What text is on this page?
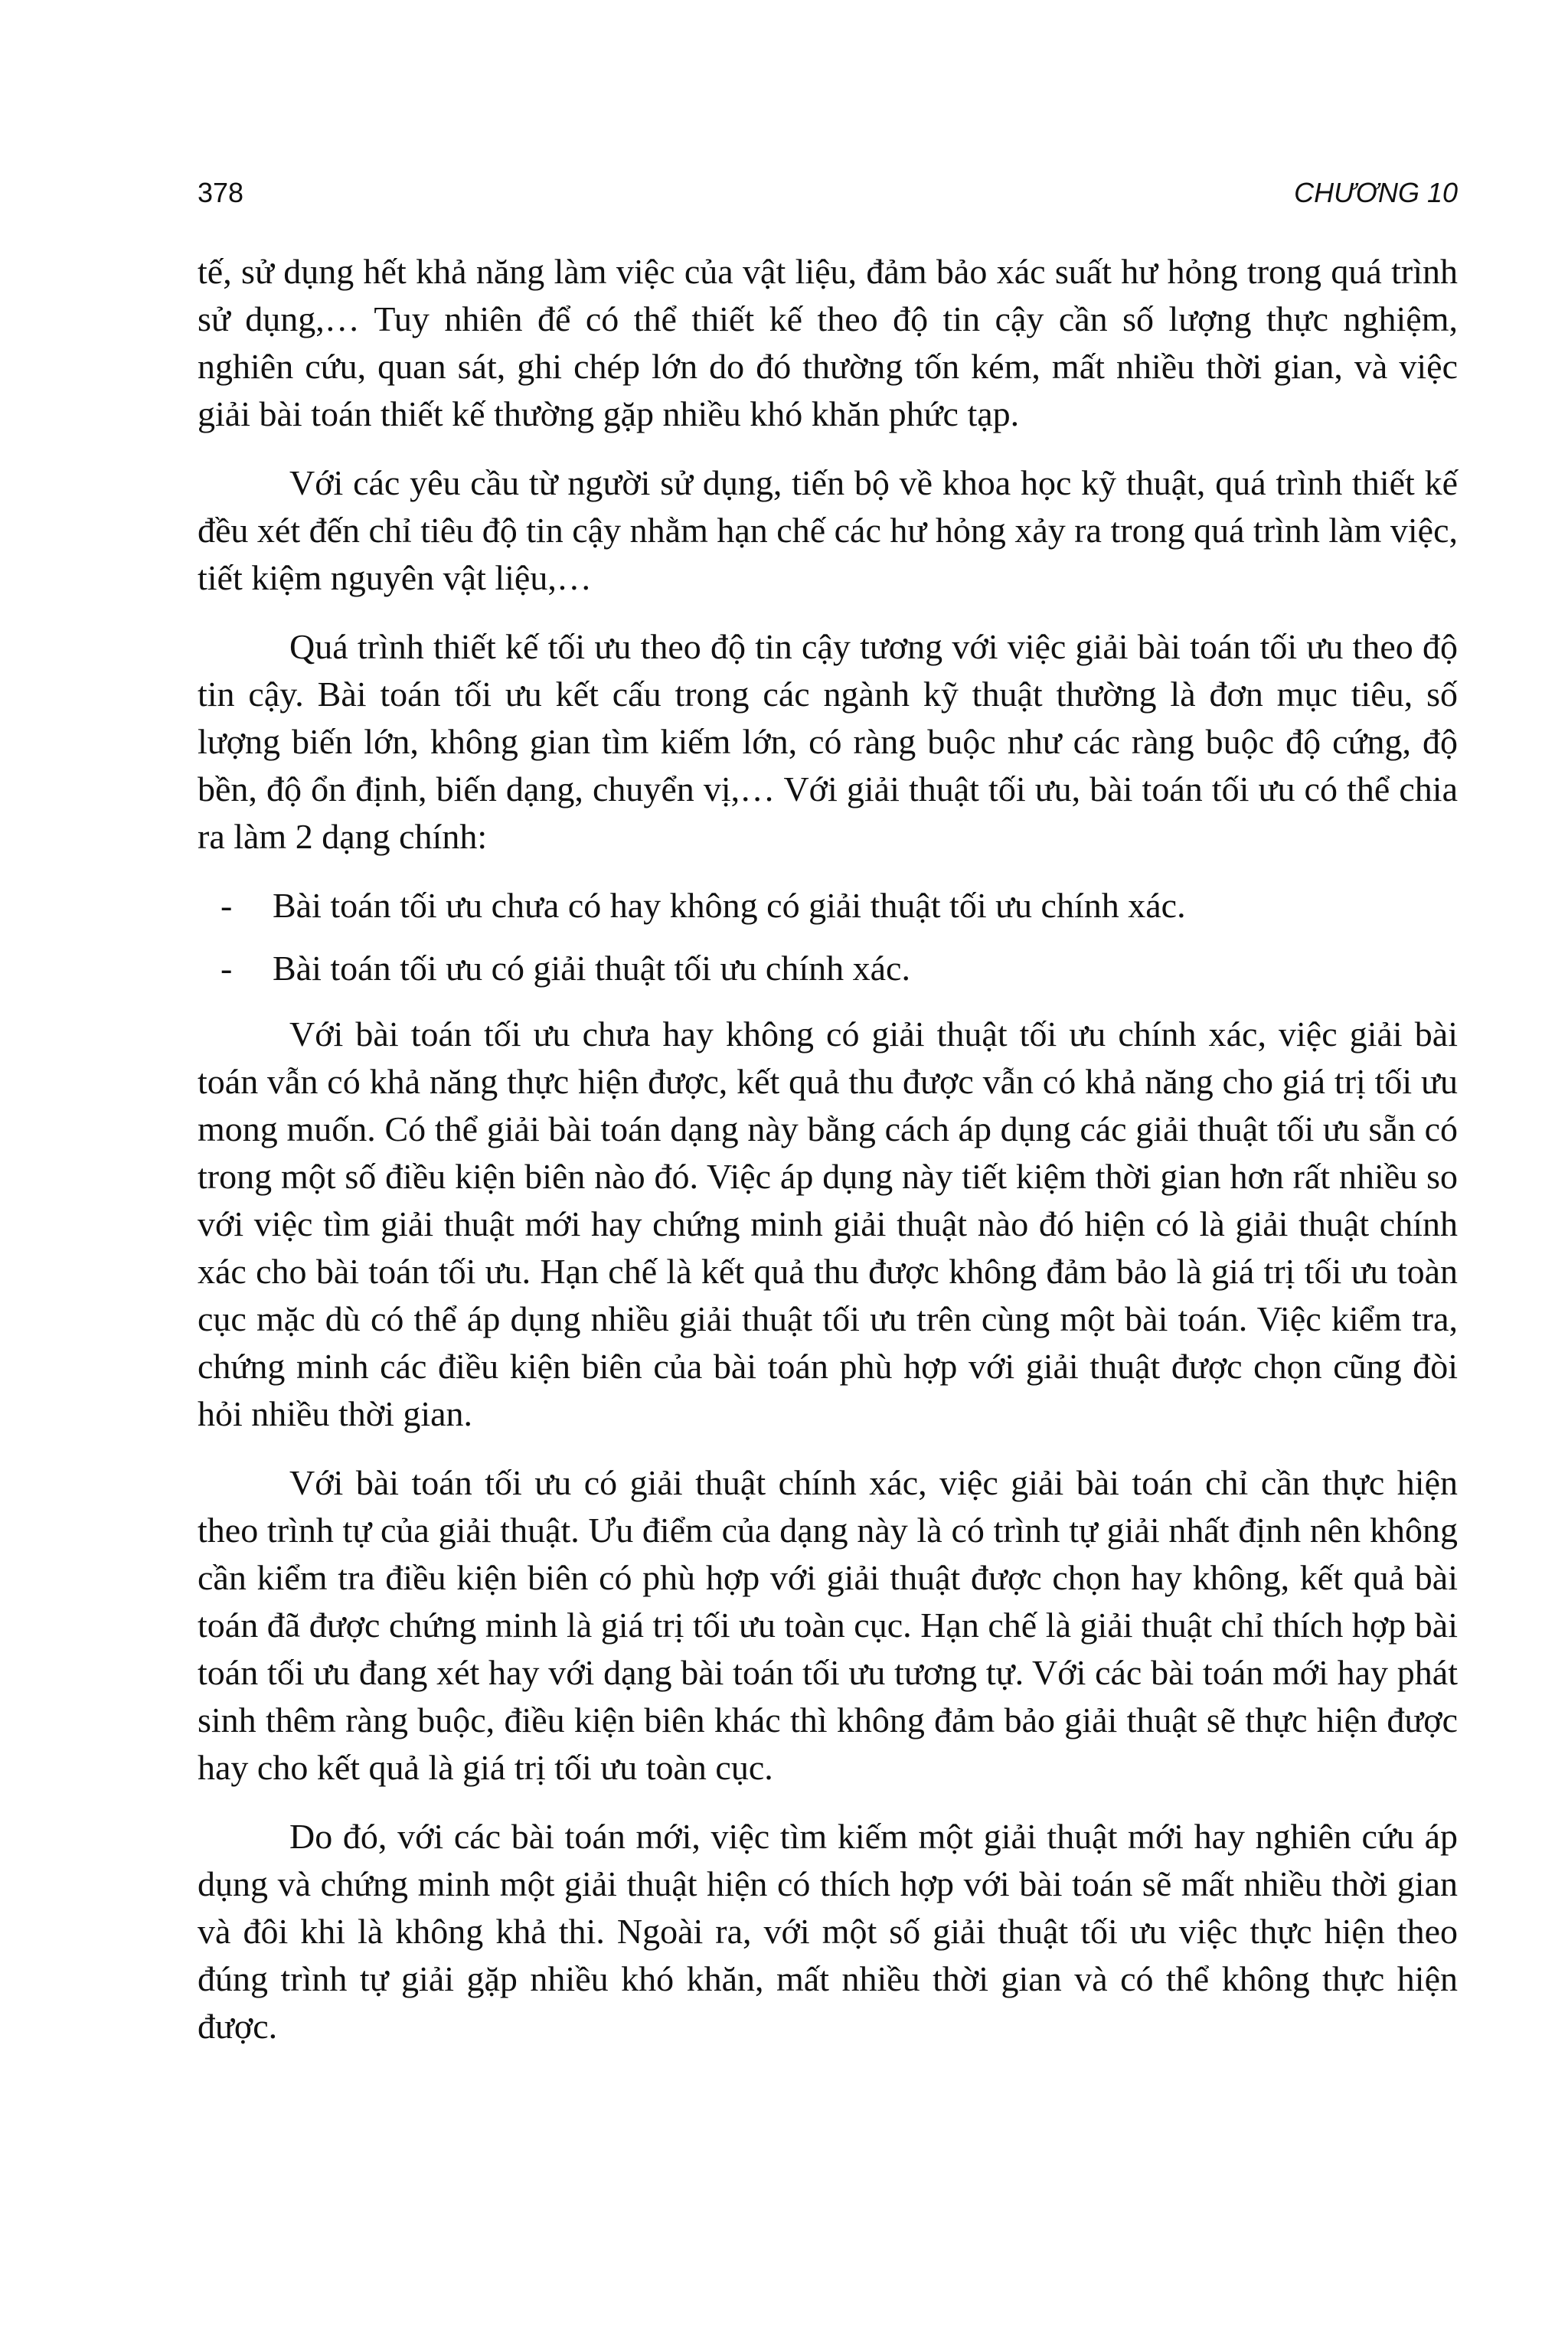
378	CHƯƠNG 10

tế, sử dụng hết khả năng làm việc của vật liệu, đảm bảo xác suất hư hỏng trong quá trình sử dụng,… Tuy nhiên để có thể thiết kế theo độ tin cậy cần số lượng thực nghiệm, nghiên cứu, quan sát, ghi chép lớn do đó thường tốn kém, mất nhiều thời gian, và việc giải bài toán thiết kế thường gặp nhiều khó khăn phức tạp.

Với các yêu cầu từ người sử dụng, tiến bộ về khoa học kỹ thuật, quá trình thiết kế đều xét đến chỉ tiêu độ tin cậy nhằm hạn chế các hư hỏng xảy ra trong quá trình làm việc, tiết kiệm nguyên vật liệu,…

Quá trình thiết kế tối ưu theo độ tin cậy tương với việc giải bài toán tối ưu theo độ tin cậy. Bài toán tối ưu kết cấu trong các ngành kỹ thuật thường là đơn mục tiêu, số lượng biến lớn, không gian tìm kiếm lớn, có ràng buộc như các ràng buộc độ cứng, độ bền, độ ổn định, biến dạng, chuyển vị,… Với giải thuật tối ưu, bài toán tối ưu có thể chia ra làm 2 dạng chính:

- Bài toán tối ưu chưa có hay không có giải thuật tối ưu chính xác.
- Bài toán tối ưu có giải thuật tối ưu chính xác.

Với bài toán tối ưu chưa hay không có giải thuật tối ưu chính xác, việc giải bài toán vẫn có khả năng thực hiện được, kết quả thu được vẫn có khả năng cho giá trị tối ưu mong muốn. Có thể giải bài toán dạng này bằng cách áp dụng các giải thuật tối ưu sẵn có trong một số điều kiện biên nào đó. Việc áp dụng này tiết kiệm thời gian hơn rất nhiều so với việc tìm giải thuật mới hay chứng minh giải thuật nào đó hiện có là giải thuật chính xác cho bài toán tối ưu. Hạn chế là kết quả thu được không đảm bảo là giá trị tối ưu toàn cục mặc dù có thể áp dụng nhiều giải thuật tối ưu trên cùng một bài toán. Việc kiểm tra, chứng minh các điều kiện biên của bài toán phù hợp với giải thuật được chọn cũng đòi hỏi nhiều thời gian.

Với bài toán tối ưu có giải thuật chính xác, việc giải bài toán chỉ cần thực hiện theo trình tự của giải thuật. Ưu điểm của dạng này là có trình tự giải nhất định nên không cần kiểm tra điều kiện biên có phù hợp với giải thuật được chọn hay không, kết quả bài toán đã được chứng minh là giá trị tối ưu toàn cục. Hạn chế là giải thuật chỉ thích hợp bài toán tối ưu đang xét hay với dạng bài toán tối ưu tương tự. Với các bài toán mới hay phát sinh thêm ràng buộc, điều kiện biên khác thì không đảm bảo giải thuật sẽ thực hiện được hay cho kết quả là giá trị tối ưu toàn cục.

Do đó, với các bài toán mới, việc tìm kiếm một giải thuật mới hay nghiên cứu áp dụng và chứng minh một giải thuật hiện có thích hợp với bài toán sẽ mất nhiều thời gian và đôi khi là không khả thi. Ngoài ra, với một số giải thuật tối ưu việc thực hiện theo đúng trình tự giải gặp nhiều khó khăn, mất nhiều thời gian và có thể không thực hiện được.
